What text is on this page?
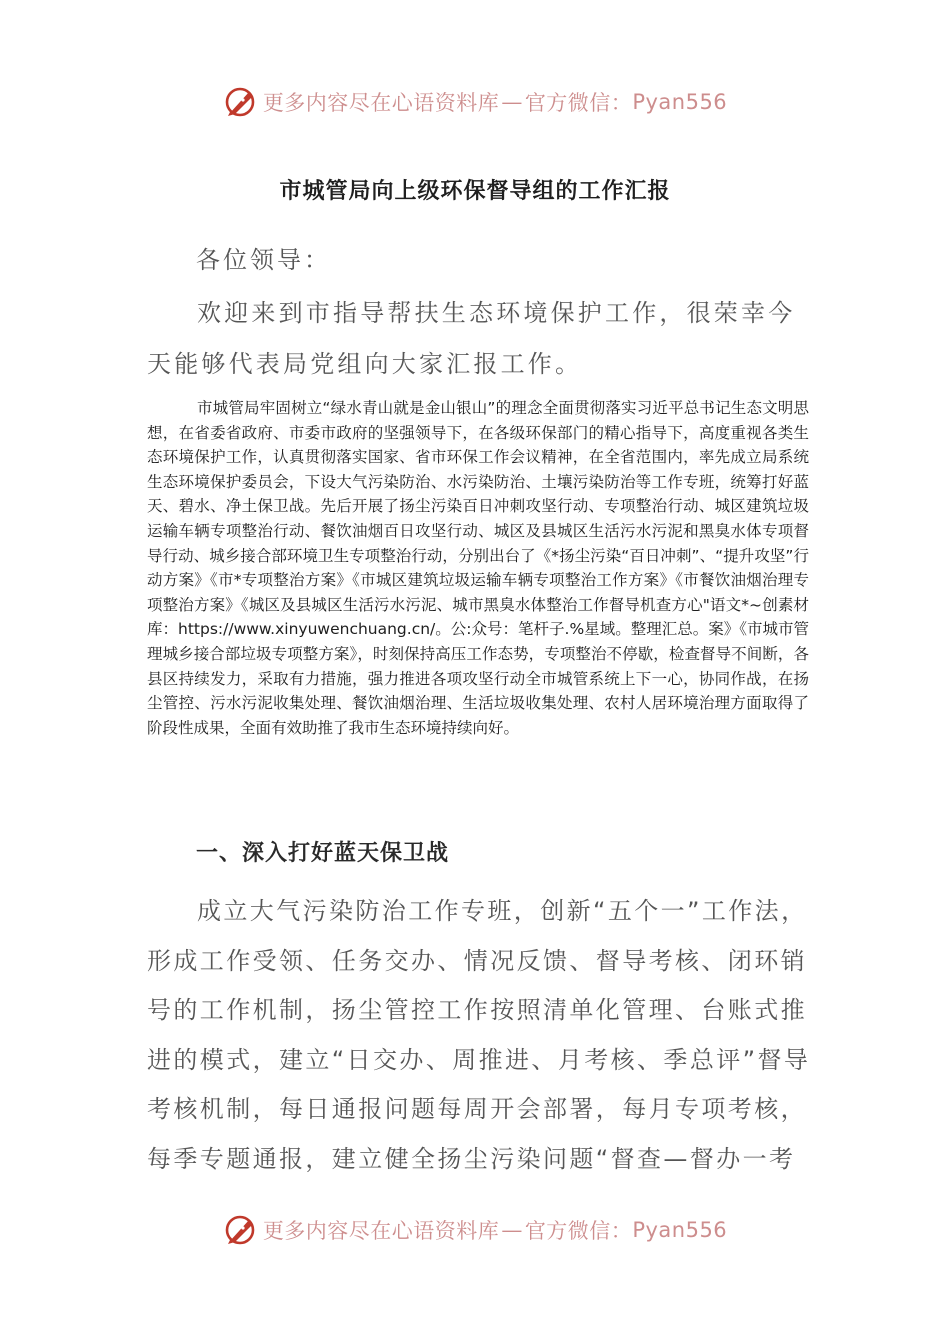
更多内容尽在心语资料库 — 官方微信： Pyan556
市城管局向上级环保督导组的工作汇报
各位领导：

欢迎来到市指导帮扶生态环境保护工作，很荣幸今天能够代表局党组向大家汇报工作。

市城管局牢固树立“绿水青山就是金山银山”的理念全面贯彻落实习近平总书记生态文明思想，在省委省政府、市委市政府的坚强领导下，在各级环保部门的精心指导下，高度重视各类生态环境保护工作，认真贯彻落实国家、省市环保工作会议精神，在全省范围内，率先成立局系统生态环境保护委员会，下设大气污染防治、水污染防治、土壤污染防治等工作专班，统筹打好蓝天、碧水、净土保卫战。先后开展了扬尘污染百日冲刺攻坚行动、专项整治行动、城区建筑垃圾运输车辆专项整治行动、餐饮油烟百日攻坚行动、城区及县城区生活污水污泥和黑臭水体专项督导行动、城乡接合部环境卫生专项整治行动，分别出台了《*扬尘污染“百日冲刺”、“提升攻坚”行动方案》《市*专项整治方案》《市城区建筑垃圾运输车辆专项整治工作方案》《市餐饮油烟治理专项整治方案》《城区及县城区生活污水污泥、城市黑臭水体整治工作督导机查方心"语文*~创素材库：https://www.xinyuwenchuang.cn/。公:众号：笔杆子.%星域。整理汇总。案》《市城市管理城乡接合部垃圾专项整方案》，时刻保持高压工作态势，专项整治不停歇，检查督导不间断，各县区持续发力，采取有力措施，强力推进各项攻坚行动全市城管系统上下一心，协同作战，在扬尘管控、污水污泥收集处理、餐饮油烟治理、生活垃圾收集处理、农村人居环境治理方面取得了阶段性成果，全面有效助推了我市生态环境持续向好。

一、深入打好蓝天保卫战

成立大气污染防治工作专班，创新“五个一”工作法，形成工作受领、任务交办、情况反馈、督导考核、闭环销号的工作机制，扬尘管控工作按照清单化管理、台账式推进的模式，建立“日交办、周推进、月考核、季总评”督导考核机制，每日通报问题每周开会部署，每月专项考核，每季专题通报，建立健全扬尘污染问题“督查—督办一考

更多内容尽在心语资料库 — 官方微信： Pyan556
